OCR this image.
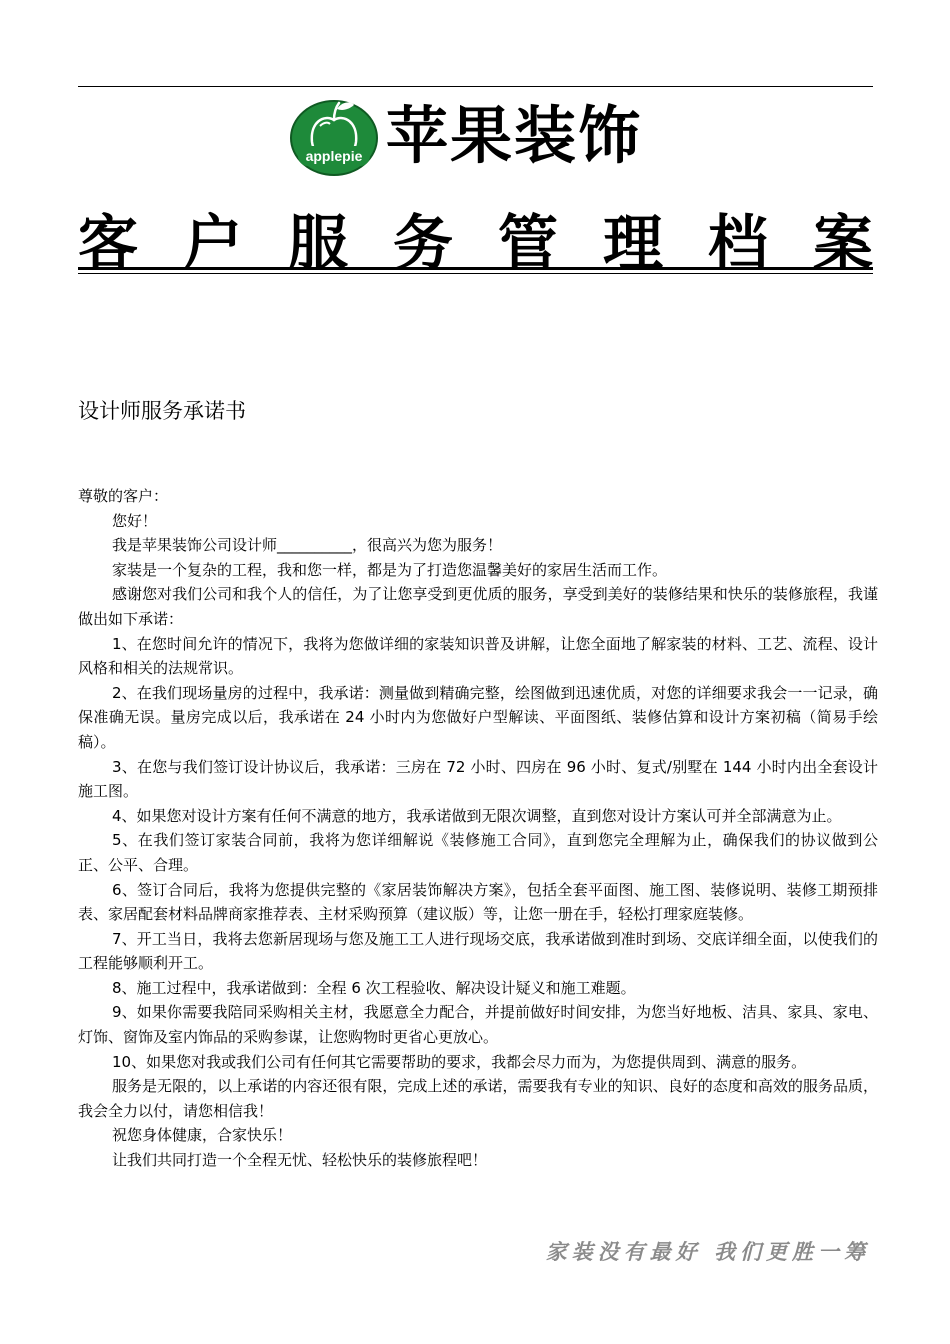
applepie 苹果装饰
客 户 服 务 管 理 档 案
设计师服务承诺书

尊敬的客户：

您好！

我是苹果装饰公司设计师__________，很高兴为您为服务！

家装是一个复杂的工程，我和您一样，都是为了打造您温馨美好的家居生活而工作。

感谢您对我们公司和我个人的信任，为了让您享受到更优质的服务，享受到美好的装修结果和快乐的装修旅程，我谨做出如下承诺：

1、在您时间允许的情况下，我将为您做详细的家装知识普及讲解，让您全面地了解家装的材料、工艺、流程、设计风格和相关的法规常识。

2、在我们现场量房的过程中，我承诺：测量做到精确完整，绘图做到迅速优质，对您的详细要求我会一一记录，确保准确无误。量房完成以后，我承诺在 24 小时内为您做好户型解读、平面图纸、装修估算和设计方案初稿（简易手绘稿）。

3、在您与我们签订设计协议后，我承诺：三房在 72 小时、四房在 96 小时、复式/别墅在 144 小时内出全套设计施工图。

4、如果您对设计方案有任何不满意的地方，我承诺做到无限次调整，直到您对设计方案认可并全部满意为止。

5、在我们签订家装合同前，我将为您详细解说《装修施工合同》，直到您完全理解为止，确保我们的协议做到公正、公平、合理。

6、签订合同后，我将为您提供完整的《家居装饰解决方案》，包括全套平面图、施工图、装修说明、装修工期预排表、家居配套材料品牌商家推荐表、主材采购预算（建议版）等，让您一册在手，轻松打理家庭装修。

7、开工当日，我将去您新居现场与您及施工工人进行现场交底，我承诺做到准时到场、交底详细全面，以使我们的工程能够顺利开工。

8、施工过程中，我承诺做到：全程 6 次工程验收、解决设计疑义和施工难题。

9、如果你需要我陪同采购相关主材，我愿意全力配合，并提前做好时间安排，为您当好地板、洁具、家具、家电、灯饰、窗饰及室内饰品的采购参谋，让您购物时更省心更放心。

10、如果您对我或我们公司有任何其它需要帮助的要求，我都会尽力而为，为您提供周到、满意的服务。

服务是无限的，以上承诺的内容还很有限，完成上述的承诺，需要我有专业的知识、良好的态度和高效的服务品质，我会全力以付，请您相信我！

祝您身体健康，合家快乐！

让我们共同打造一个全程无忧、轻松快乐的装修旅程吧！

家装没有最好 我们更胜一筹
